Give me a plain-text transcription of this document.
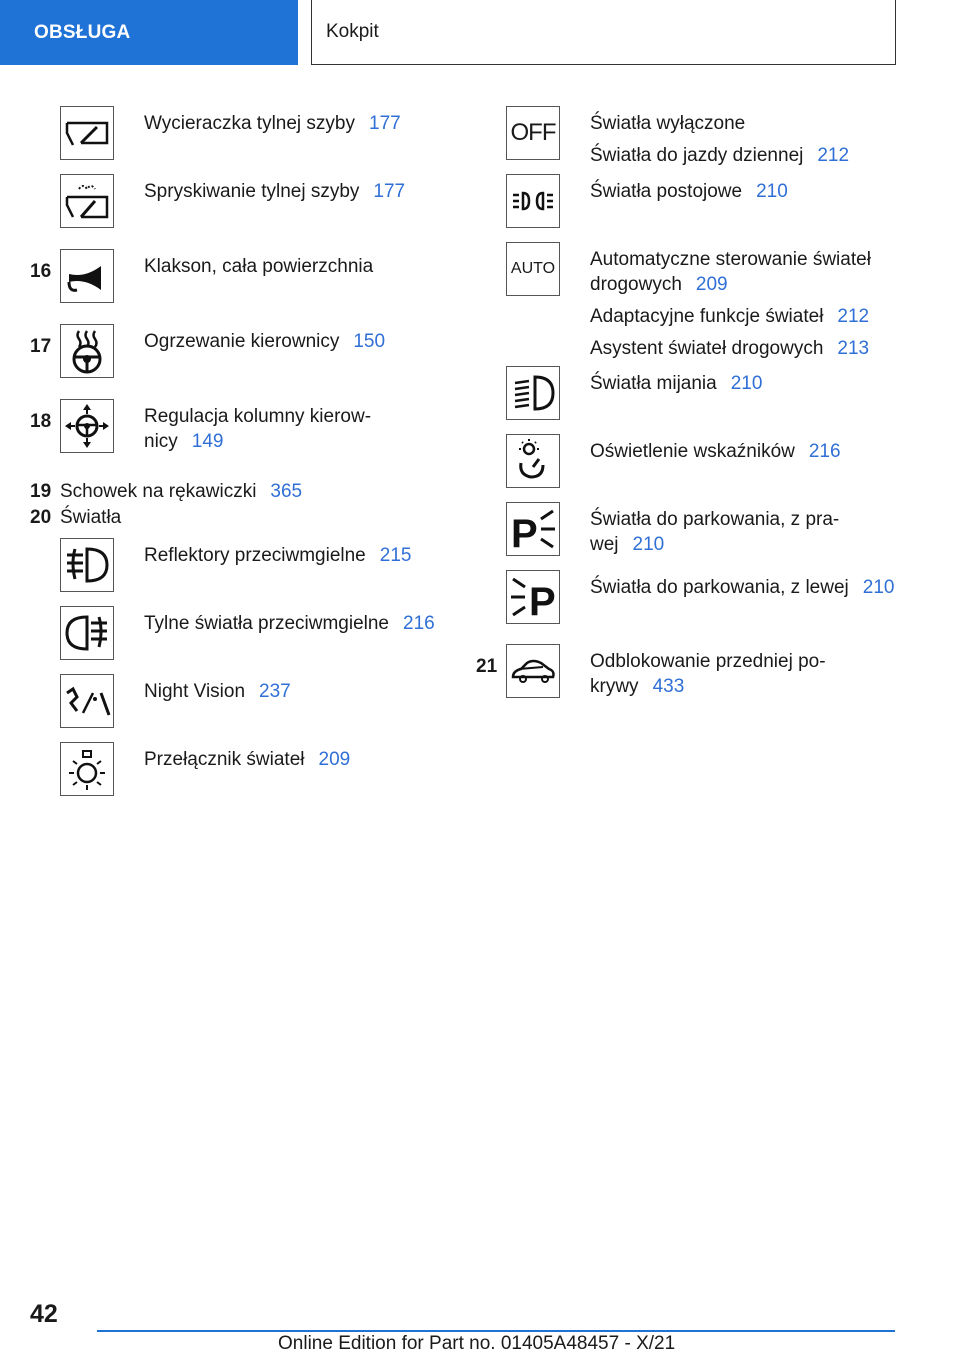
OBSŁUGA	Kokpit
Wycieraczka tylnej szyby 177
Spryskiwanie tylnej szyby 177
16	Klakson, cała powierzchnia
17	Ogrzewanie kierownicy 150
18	Regulacja kolumny kierow-
nicy 149
19 Schowek na rękawiczki 365
20 Światła
Reflektory przeciwmgielne 215
Tylne światła przeciwmgielne 216
Night Vision 237
Przełącznik świateł 209
OFF Światła wyłączone

Światła do jazdy dziennej 212

Światła postojowe 210
AUTO Automatyczne sterowanie świateł
drogowych 209

Adaptacyjne funkcje świateł 212

Asystent świateł drogowych 213

Światła mijania 210
Oświetlenie wskaźników 216
P	Światła do parkowania, z pra-
wej 210
P Światła do parkowania, z lewej 210
21	Odblokowanie przedniej po-
krywy 433
42
Online Edition for Part no. 01405A48457 - X/21
